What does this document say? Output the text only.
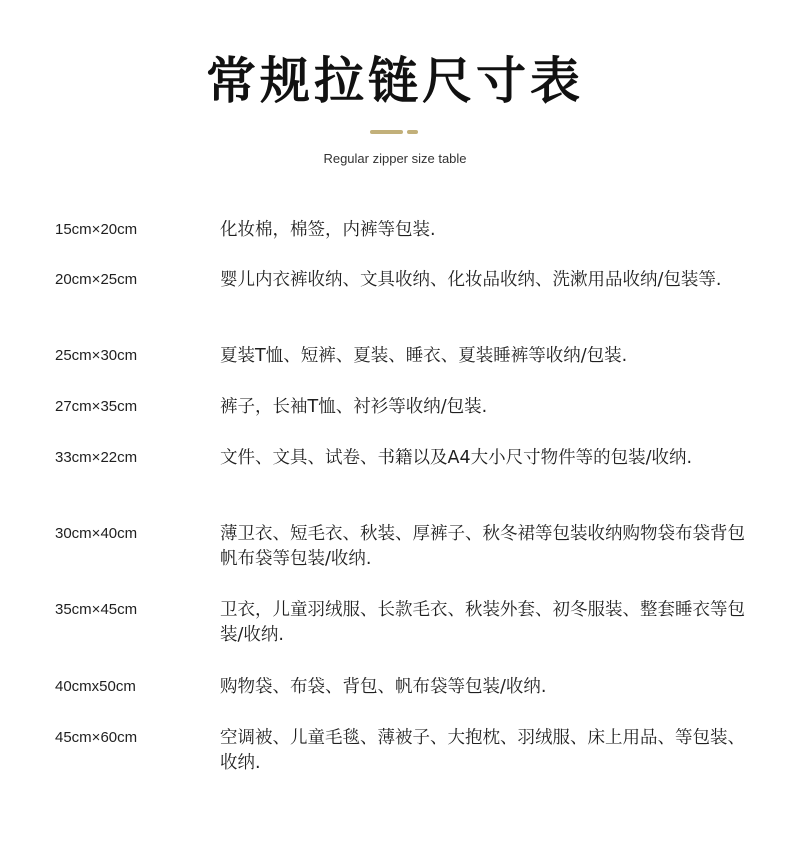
常规拉链尺寸表
Regular zipper size table
15cm×20cm	化妆棉，棉签，内裤等包装.
20cm×25cm	婴儿内衣裤收纳、文具收纳、化妆品收纳、洗漱用品收纳/包装等.
25cm×30cm	夏装T恤、短裤、夏装、睡衣、夏装睡裤等收纳/包装.
27cm×35cm	裤子，长袖T恤、衬衫等收纳/包装.
33cm×22cm	文件、文具、试卷、书籍以及A4大小尺寸物件等的包装/收纳.
30cm×40cm	薄卫衣、短毛衣、秋装、厚裤子、秋冬裙等包装收纳购物袋布袋背包帆布袋等包装/收纳.
35cm×45cm	卫衣，儿童羽绒服、长款毛衣、秋装外套、初冬服装、整套睡衣等包装/收纳.
40cmx50cm	购物袋、布袋、背包、帆布袋等包装/收纳.
45cm×60cm	空调被、儿童毛毯、薄被子、大抱枕、羽绒服、床上用品、等包装、收纳.
